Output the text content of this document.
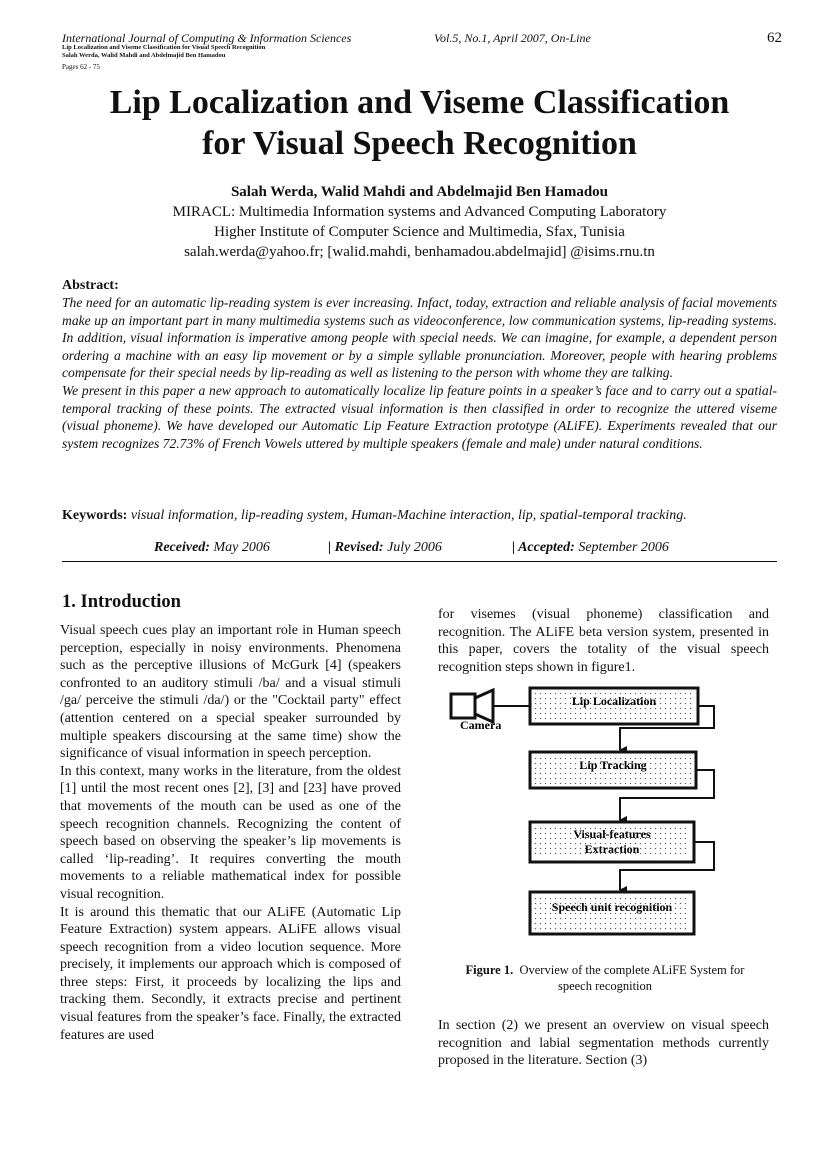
International Journal of Computing & Information Sciences	Vol.5, No.1, April 2007, On-Line	62
Lip Localization and Viseme Classification for Visual Speech Recognition
Salah Werda, Walid Mahdi and Abdelmajid Ben Hamadou
Pages 62 - 75
Lip Localization and Viseme Classification
for Visual Speech Recognition
Salah Werda, Walid Mahdi and Abdelmajid Ben Hamadou
MIRACL: Multimedia Information systems and Advanced Computing Laboratory
Higher Institute of Computer Science and Multimedia, Sfax, Tunisia
salah.werda@yahoo.fr; [walid.mahdi, benhamadou.abdelmajid] @isims.rnu.tn
Abstract:

The need for an automatic lip-reading system is ever increasing. Infact, today, extraction and reliable analysis of facial movements make up an important part in many multimedia systems such as videoconference, low communication systems, lip-reading systems. In addition, visual information is imperative among people with special needs. We can imagine, for example, a dependent person ordering a machine with an easy lip movement or by a simple syllable pronunciation. Moreover, people with hearing problems compensate for their special needs by lip-reading as well as listening to the person with whome they are talking.

We present in this paper a new approach to automatically localize lip feature points in a speaker’s face and to carry out a spatial-temporal tracking of these points. The extracted visual information is then classified in order to recognize the uttered viseme (visual phoneme). We have developed our Automatic Lip Feature Extraction prototype (ALiFE). Experiments revealed that our system recognizes 72.73% of French Vowels uttered by multiple speakers (female and male) under natural conditions.

Keywords: visual information, lip-reading system, Human-Machine interaction, lip, spatial-temporal tracking.
Received: May 2006	| Revised: July 2006	| Accepted: September 2006
1. Introduction

Visual speech cues play an important role in Human speech perception, especially in noisy environments. Phenomena such as the perceptive illusions of McGurk [4] (speakers confronted to an auditory stimuli /ba/ and a visual stimuli /ga/ perceive the stimuli /da/) or the "Cocktail party" effect (attention centered on a special speaker surrounded by multiple speakers discoursing at the same time) show the significance of visual information in speech perception.

In this context, many works in the literature, from the oldest [1] until the most recent ones [2], [3] and [23] have proved that movements of the mouth can be used as one of the speech recognition channels. Recognizing the content of speech based on observing the speaker’s lip movements is called ‘lip-reading’. It requires converting the mouth movements to a reliable mathematical index for possible visual recognition.

It is around this thematic that our ALiFE (Automatic Lip Feature Extraction) system appears. ALiFE allows visual speech recognition from a video locution sequence. More precisely, it implements our approach which is composed of three steps: First, it proceeds by localizing the lips and tracking them. Secondly, it extracts precise and pertinent visual features from the speaker’s face. Finally, the extracted features are used

for visemes (visual phoneme) classification and recognition. The ALiFE beta version system, presented in this paper, covers the totality of the visual speech recognition steps shown in figure1.

Camera
Lip Localization
Lip Tracking
Visual-features
Extraction
Speech unit recognition
Figure 1. Overview of the complete ALiFE System for
speech recognition

In section (2) we present an overview on visual speech recognition and labial segmentation methods currently proposed in the literature. Section (3)
